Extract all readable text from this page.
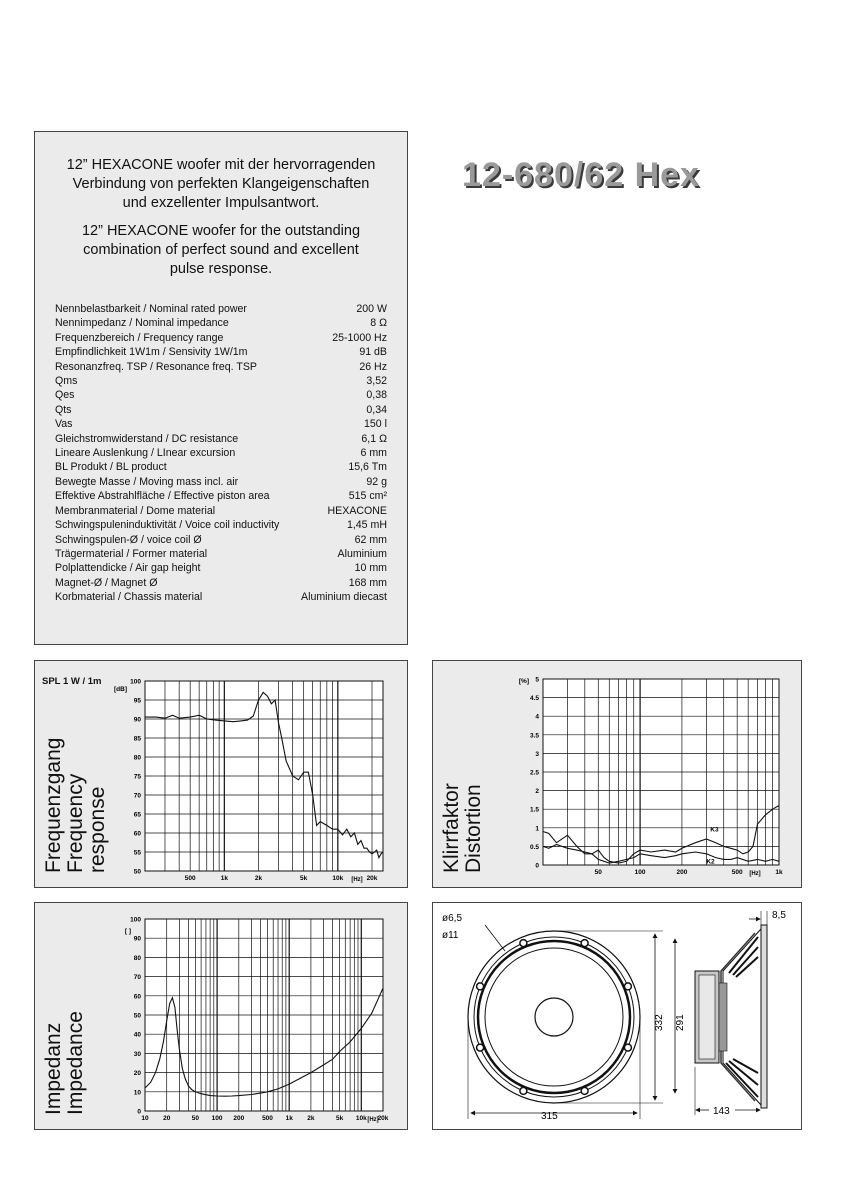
12” HEXACONE woofer mit der hervorragenden

Verbindung von perfekten Klangeigenschaften

und exzellenter Impulsantwort.

12” HEXACONE woofer for the outstanding

combination of perfect sound and excellent

pulse response.

Nennbelastbarkeit / Nominal rated power	200 W
Nennimpedanz / Nominal impedance	8 Ω
Frequenzbereich / Frequency range	25-1000 Hz
Empfindlichkeit 1W1m / Sensivity 1W/1m	91 dB
Resonanzfreq. TSP / Resonance freq. TSP	26 Hz
Qms	3,52
Qes	0,38
Qts	0,34
Vas	150 l
Gleichstromwiderstand / DC resistance	6,1 Ω
Lineare Auslenkung / LInear excursion	6 mm
BL Produkt / BL product	15,6 Tm
Bewegte Masse / Moving mass incl. air	92 g
Effektive Abstrahlfläche / Effective piston area	515 cm²
Membranmaterial / Dome material	HEXACONE
Schwingspuleninduktivität / Voice coil inductivity	1,45 mH
Schwingspulen-Ø / voice coil Ø	62 mm
Trägermaterial / Former material	Aluminium
Polplattendicke / Air gap height	10 mm
Magnet-Ø / Magnet Ø	168 mm
Korbmaterial / Chassis material	Aluminium diecast
12-680/62 Hex
SPL 1 W / 1m
Frequenzgang Frequency response	50
55
60
65
70
75
80
85
90
95
100
500	1k	2k	5k	10k	20k
[dB]
[Hz]
Klirrfaktor Distortion	0
0.5
1
1.5
2
2.5
3
3.5
4
4.5
5
50	100	200	500	1k
[%]
[Hz]
K3
K2
Impedanz Impedance	0
10
20
30
40
50
60
70
80
90
100
10 20	50 100 200	500 1k 2k	5k 10k 20k
[ ]
[Hz]
ø6,5
ø11
315
332 291
8,5
143
